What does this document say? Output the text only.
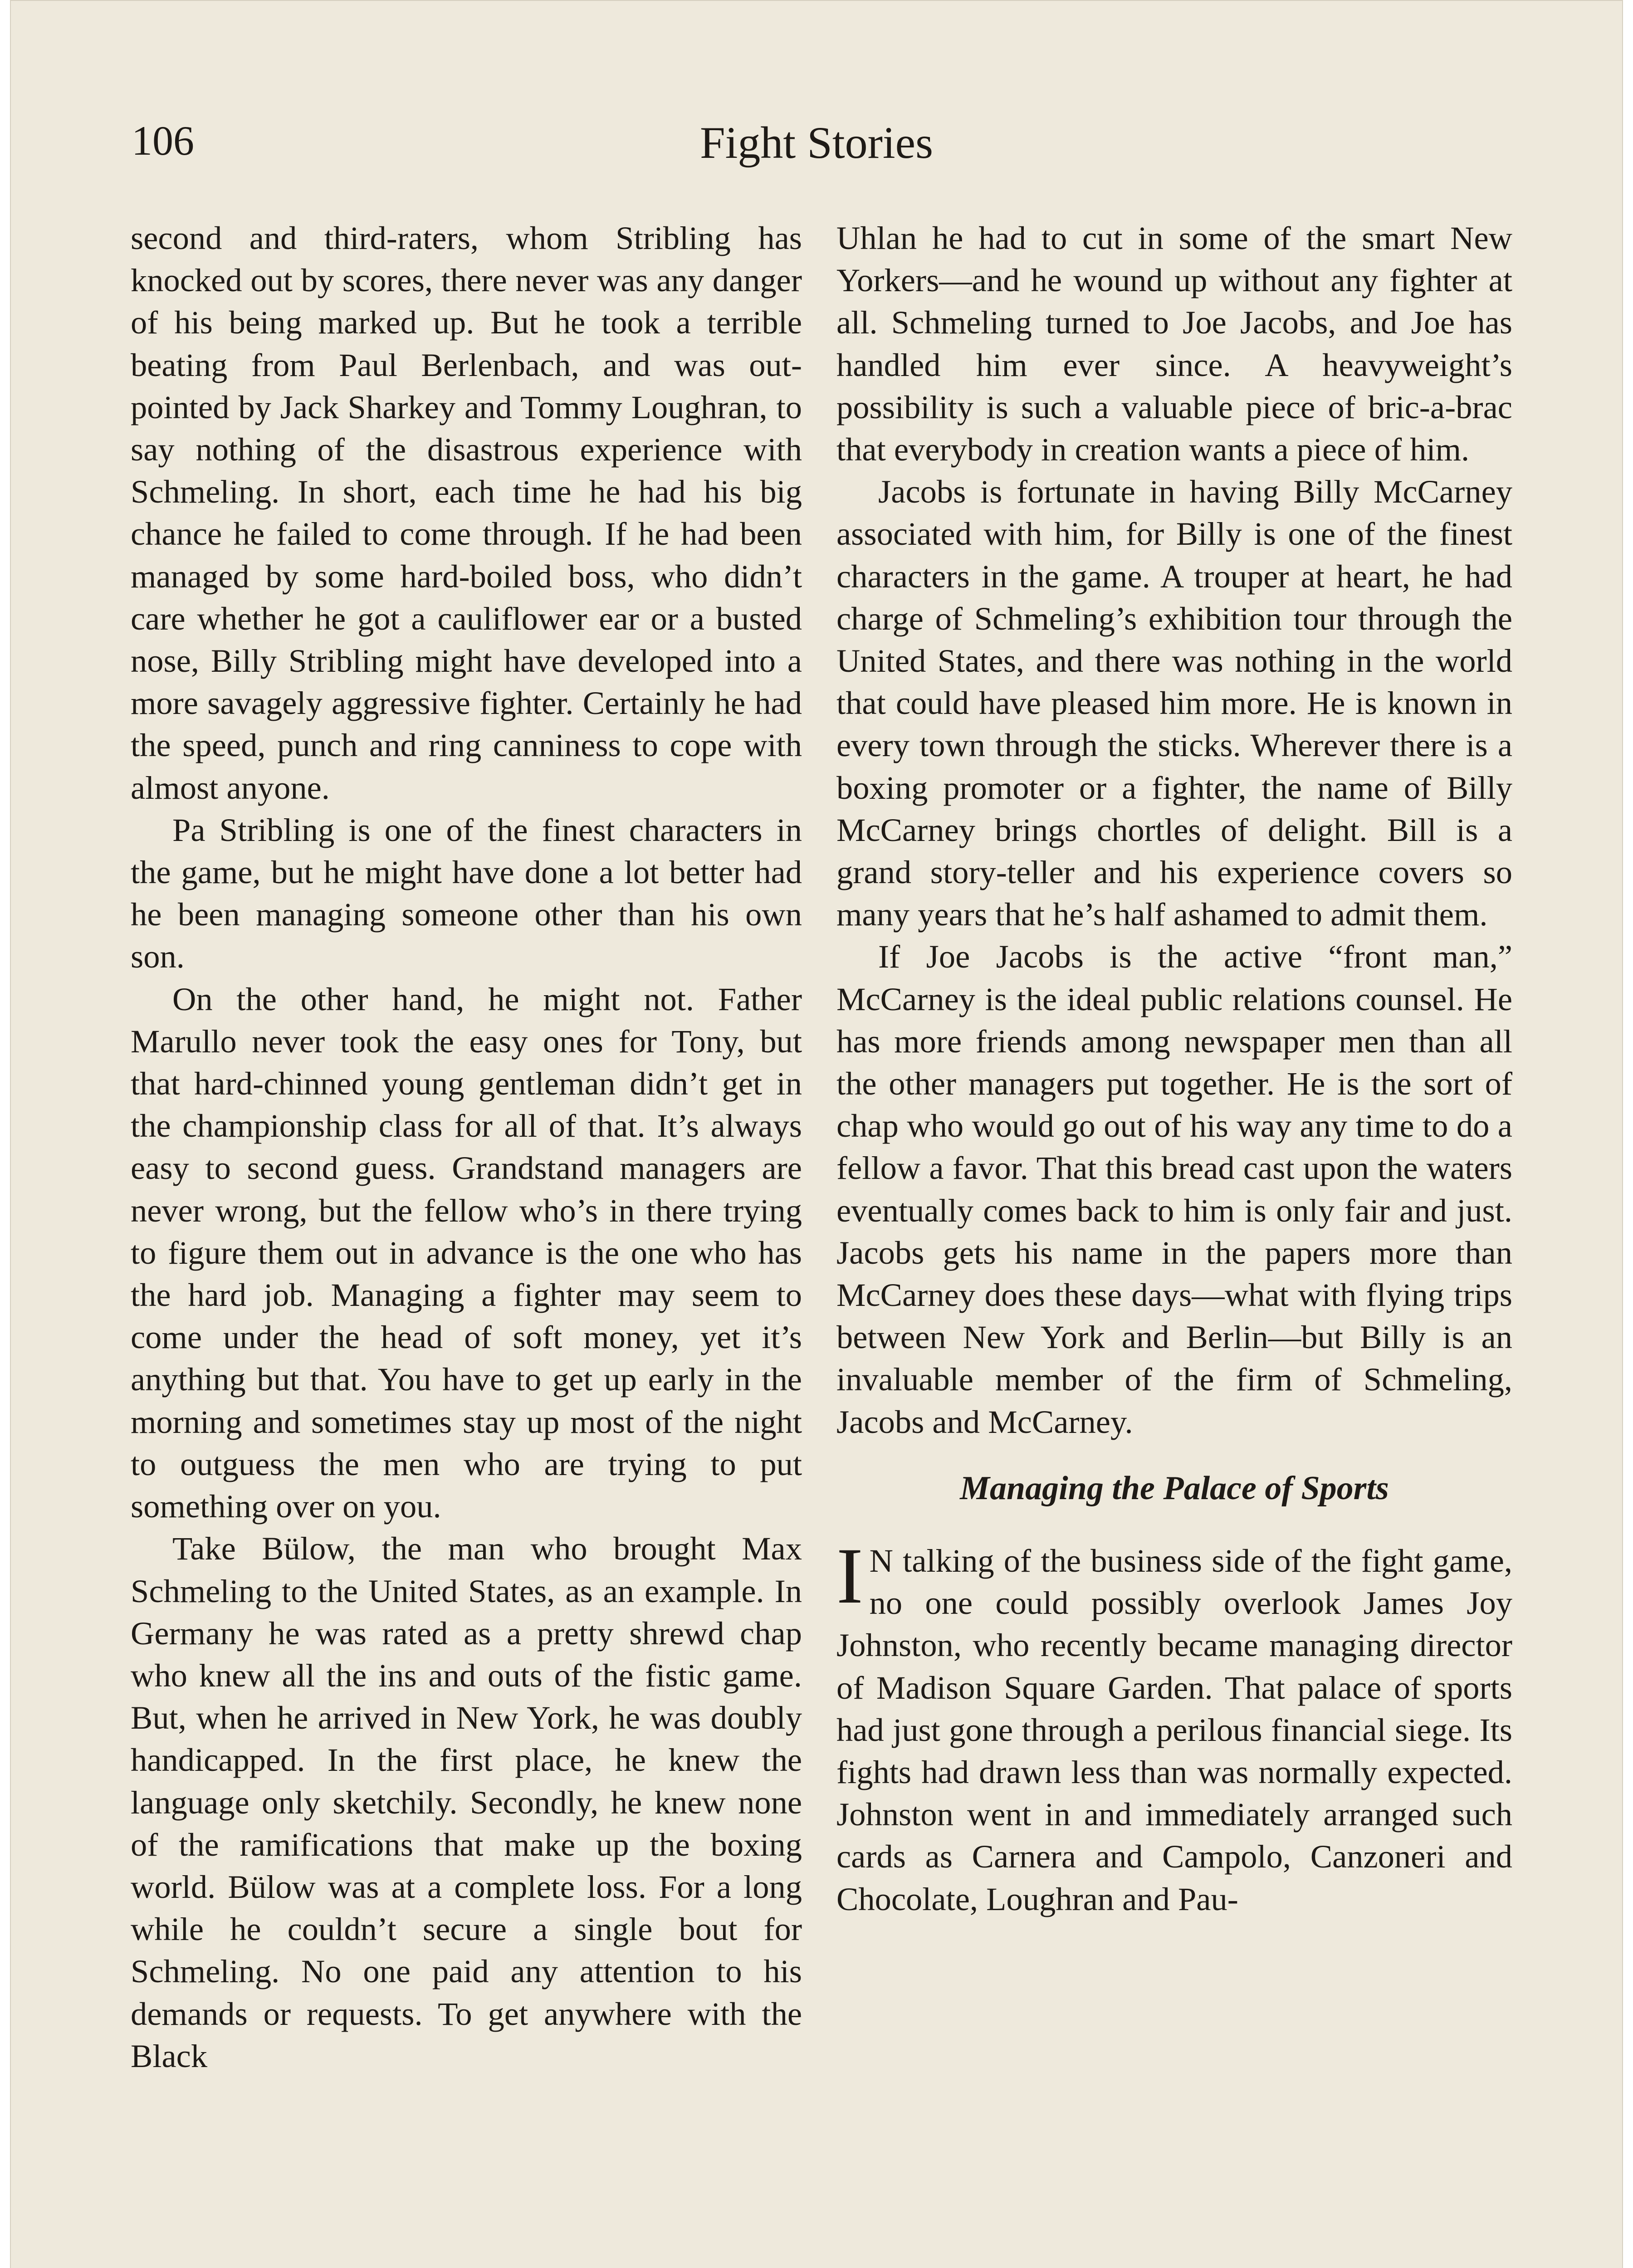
106	Fight Stories

second and third-raters, whom Stribling has knocked out by scores, there never was any danger of his being marked up. But he took a terrible beating from Paul Berlenbach, and was out-pointed by Jack Sharkey and Tommy Loughran, to say nothing of the disastrous experience with Schmeling. In short, each time he had his big chance he failed to come through. If he had been managed by some hard-boiled boss, who didn’t care whether he got a cauliflower ear or a busted nose, Billy Stribling might have developed into a more savagely aggressive fighter. Certainly he had the speed, punch and ring canniness to cope with almost anyone.

Pa Stribling is one of the finest characters in the game, but he might have done a lot better had he been managing someone other than his own son.

On the other hand, he might not. Father Marullo never took the easy ones for Tony, but that hard-chinned young gentleman didn’t get in the championship class for all of that. It’s always easy to second guess. Grandstand managers are never wrong, but the fellow who’s in there trying to figure them out in advance is the one who has the hard job. Managing a fighter may seem to come under the head of soft money, yet it’s anything but that. You have to get up early in the morning and sometimes stay up most of the night to outguess the men who are trying to put something over on you.

Take Bülow, the man who brought Max Schmeling to the United States, as an example. In Germany he was rated as a pretty shrewd chap who knew all the ins and outs of the fistic game. But, when he arrived in New York, he was doubly handicapped. In the first place, he knew the language only sketchily. Secondly, he knew none of the ramifications that make up the boxing world. Bülow was at a complete loss. For a long while he couldn’t secure a single bout for Schmeling. No one paid any attention to his demands or requests. To get anywhere with the Black

Uhlan he had to cut in some of the smart New Yorkers—and he wound up without any fighter at all. Schmeling turned to Joe Jacobs, and Joe has handled him ever since. A heavyweight’s possibility is such a valuable piece of bric-a-brac that everybody in creation wants a piece of him.

Jacobs is fortunate in having Billy McCarney associated with him, for Billy is one of the finest characters in the game. A trouper at heart, he had charge of Schmeling’s exhibition tour through the United States, and there was nothing in the world that could have pleased him more. He is known in every town through the sticks. Wherever there is a boxing promoter or a fighter, the name of Billy McCarney brings chortles of delight. Bill is a grand story-teller and his experience covers so many years that he’s half ashamed to admit them.

If Joe Jacobs is the active “front man,” McCarney is the ideal public relations counsel. He has more friends among newspaper men than all the other managers put together. He is the sort of chap who would go out of his way any time to do a fellow a favor. That this bread cast upon the waters eventually comes back to him is only fair and just. Jacobs gets his name in the papers more than McCarney does these days—what with flying trips between New York and Berlin—but Billy is an invaluable member of the firm of Schmeling, Jacobs and McCarney.

Managing the Palace of Sports

I N talking of the business side of the fight game, no one could possibly overlook James Joy Johnston, who recently became managing director of Madison Square Garden. That palace of sports had just gone through a perilous financial siege. Its fights had drawn less than was normally expected. Johnston went in and immediately arranged such cards as Carnera and Campolo, Canzoneri and Chocolate, Loughran and Pau-
